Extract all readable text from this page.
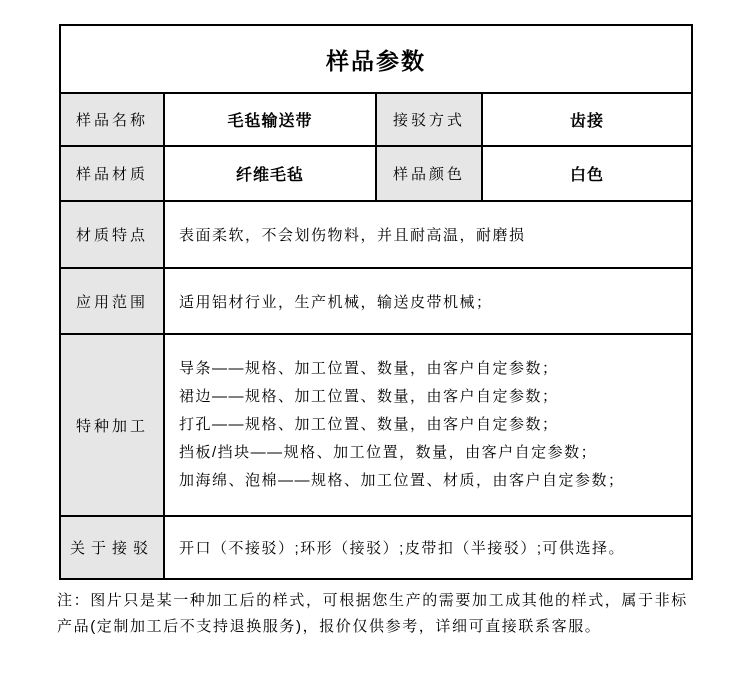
样品参数			
样品名称	毛毡输送带	接驳方式	齿接
样品材质	纤维毛毡	样品颜色	白色
材质特点	表面柔软，不会划伤物料，并且耐高温，耐磨损		
应用范围	适用铝材行业，生产机械，输送皮带机械；		
特种加工	导条——规格、加工位置、数量，由客户自定参数；
裙边——规格、加工位置、数量，由客户自定参数；
打孔——规格、加工位置、数量，由客户自定参数；
挡板/挡块——规格、加工位置，数量，由客户自定参数；
加海绵、泡棉——规格、加工位置、材质，由客户自定参数；		

关于接驳	开口（不接驳）;环形（接驳）;皮带扣（半接驳）;可供选择。		
注：图片只是某一种加工后的样式，可根据您生产的需要加工成其他的样式，属于非标
产品(定制加工后不支持退换服务)，报价仅供参考，详细可直接联系客服。
